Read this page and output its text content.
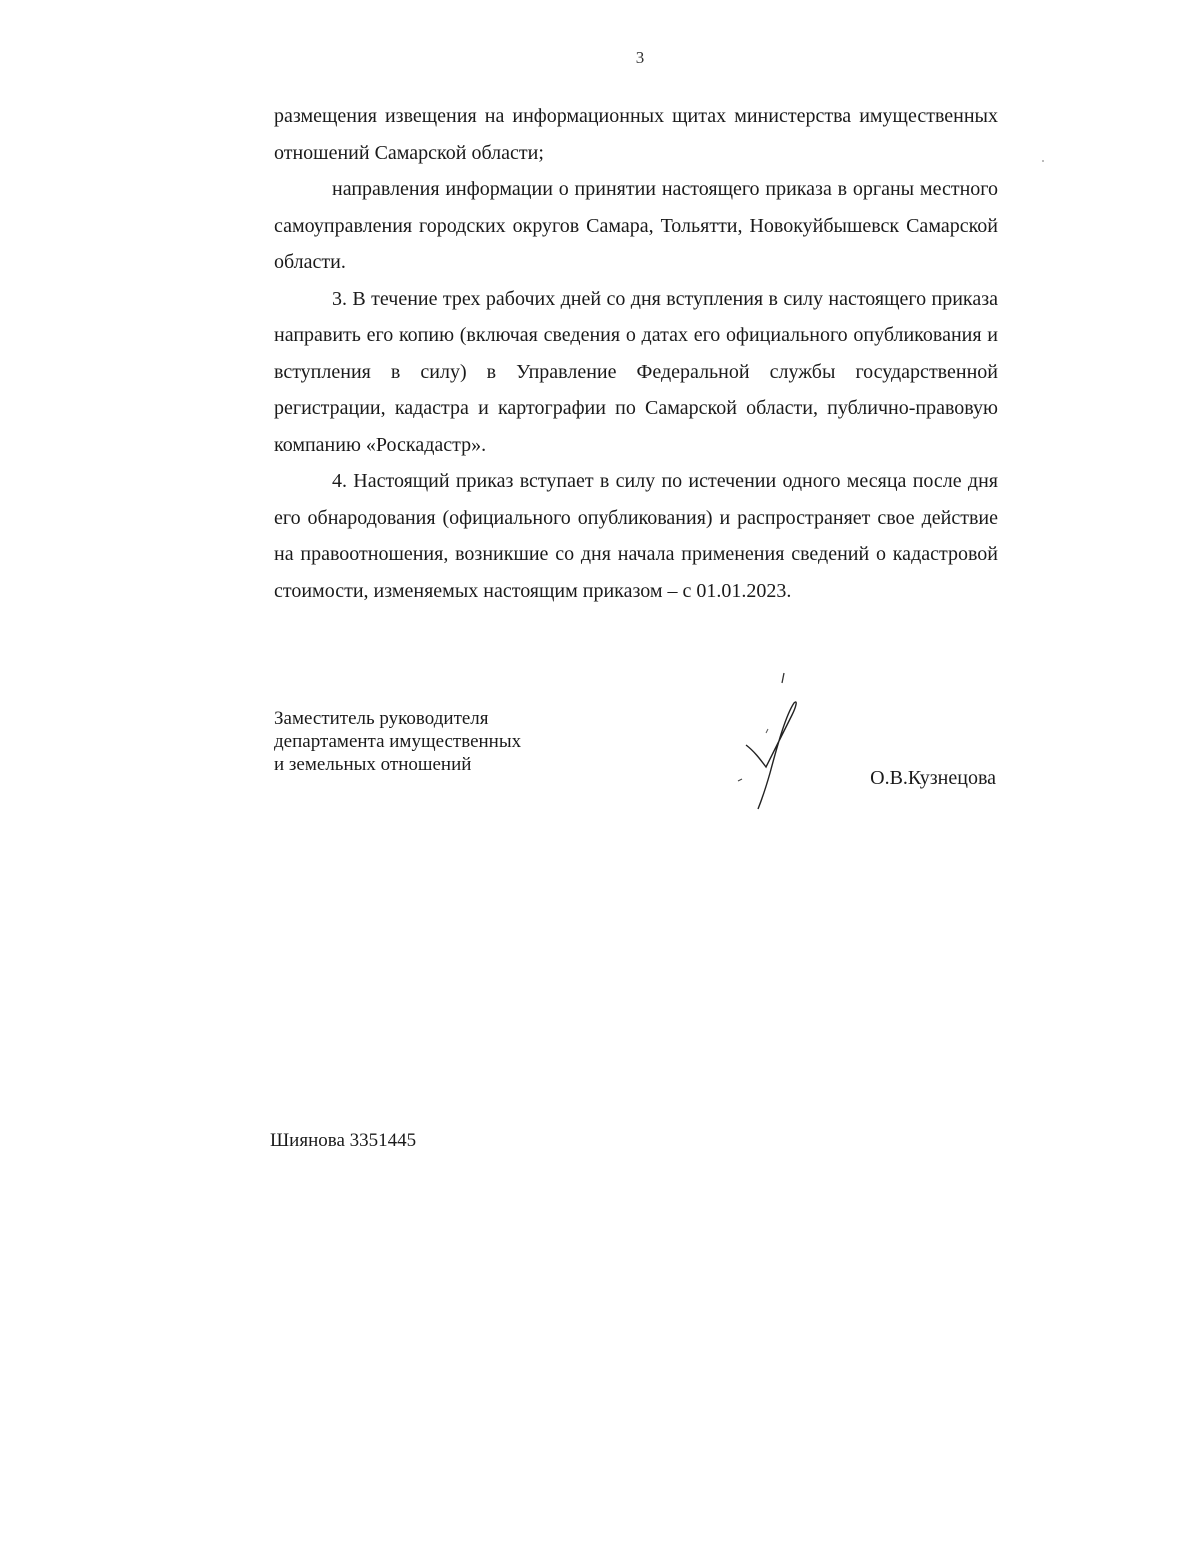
3

размещения извещения на информационных щитах министерства имущественных отношений Самарской области;

направления информации о принятии настоящего приказа в органы местного самоуправления городских округов Самара, Тольятти, Новокуйбышевск Самарской области.

3. В течение трех рабочих дней со дня вступления в силу настоящего приказа направить его копию (включая сведения о датах его официального опубликования и вступления в силу) в Управление Федеральной службы государственной регистрации, кадастра и картографии по Самарской области, публично-правовую компанию «Роскадастр».

4. Настоящий приказ вступает в силу по истечении одного месяца после дня его обнародования (официального опубликования) и распространяет свое действие на правоотношения, возникшие со дня начала применения сведений о кадастровой стоимости, изменяемых настоящим приказом – с 01.01.2023.

Заместитель руководителя
департамента имущественных
и земельных отношений
О.В.Кузнецова
Шиянова 3351445
